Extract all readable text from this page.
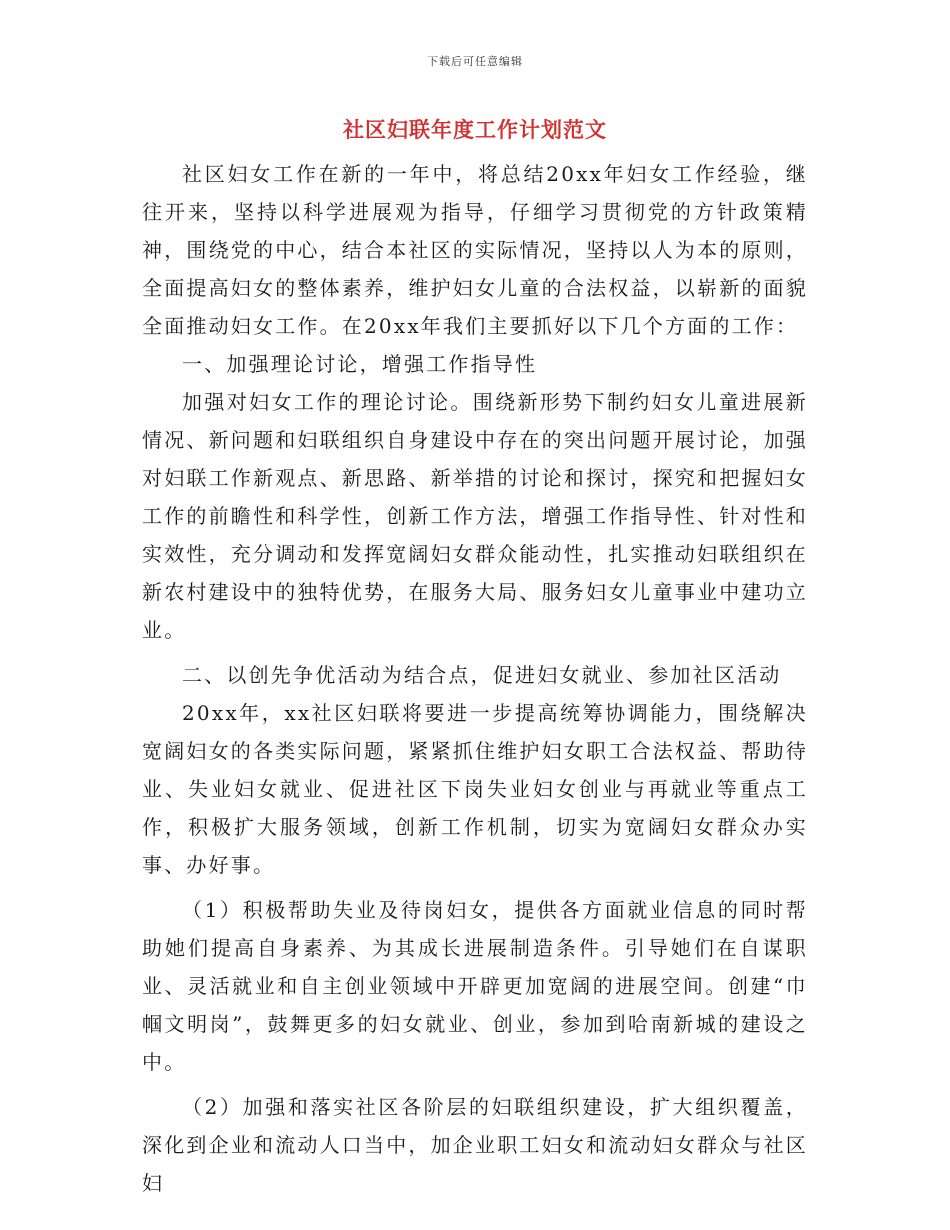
下载后可任意编辑
社区妇联年度工作计划范文

社区妇女工作在新的一年中，将总结20xx年妇女工作经验，继往开来，坚持以科学进展观为指导，仔细学习贯彻党的方针政策精神，围绕党的中心，结合本社区的实际情况，坚持以人为本的原则，全面提高妇女的整体素养，维护妇女儿童的合法权益，以崭新的面貌全面推动妇女工作。在20xx年我们主要抓好以下几个方面的工作：

一、加强理论讨论，增强工作指导性

加强对妇女工作的理论讨论。围绕新形势下制约妇女儿童进展新情况、新问题和妇联组织自身建设中存在的突出问题开展讨论，加强对妇联工作新观点、新思路、新举措的讨论和探讨，探究和把握妇女工作的前瞻性和科学性，创新工作方法，增强工作指导性、针对性和实效性，充分调动和发挥宽阔妇女群众能动性，扎实推动妇联组织在新农村建设中的独特优势，在服务大局、服务妇女儿童事业中建功立业。

二、以创先争优活动为结合点，促进妇女就业、参加社区活动

20xx年，xx社区妇联将要进一步提高统筹协调能力，围绕解决宽阔妇女的各类实际问题，紧紧抓住维护妇女职工合法权益、帮助待业、失业妇女就业、促进社区下岗失业妇女创业与再就业等重点工作，积极扩大服务领域，创新工作机制，切实为宽阔妇女群众办实事、办好事。

（1）积极帮助失业及待岗妇女，提供各方面就业信息的同时帮助她们提高自身素养、为其成长进展制造条件。引导她们在自谋职业、灵活就业和自主创业领域中开辟更加宽阔的进展空间。创建“巾帼文明岗”，鼓舞更多的妇女就业、创业，参加到哈南新城的建设之中。

（2）加强和落实社区各阶层的妇联组织建设，扩大组织覆盖，深化到企业和流动人口当中，加企业职工妇女和流动妇女群众与社区妇
